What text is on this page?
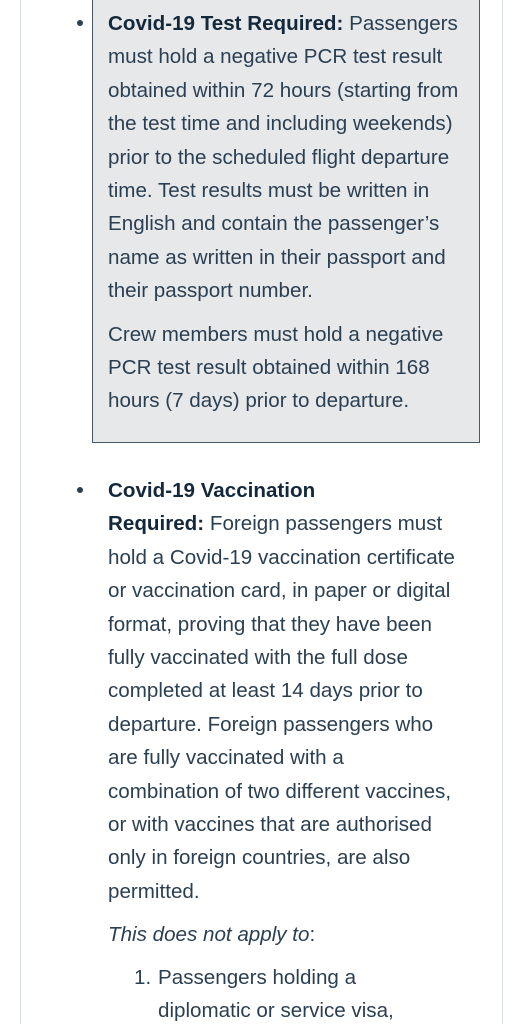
Covid-19 Test Required: Passengers must hold a negative PCR test result obtained within 72 hours (starting from the test time and including weekends) prior to the scheduled flight departure time. Test results must be written in English and contain the passenger’s name as written in their passport and their passport number.

Crew members must hold a negative PCR test result obtained within 168 hours (7 days) prior to departure.

Covid-19 Vaccination

Required: Foreign passengers must hold a Covid-19 vaccination certificate or vaccination card, in paper or digital format, proving that they have been fully vaccinated with the full dose completed at least 14 days prior to departure. Foreign passengers who are fully vaccinated with a combination of two different vaccines, or with vaccines that are authorised only in foreign countries, are also permitted.

This does not apply to:

1. Passengers holding a diplomatic or service visa,
